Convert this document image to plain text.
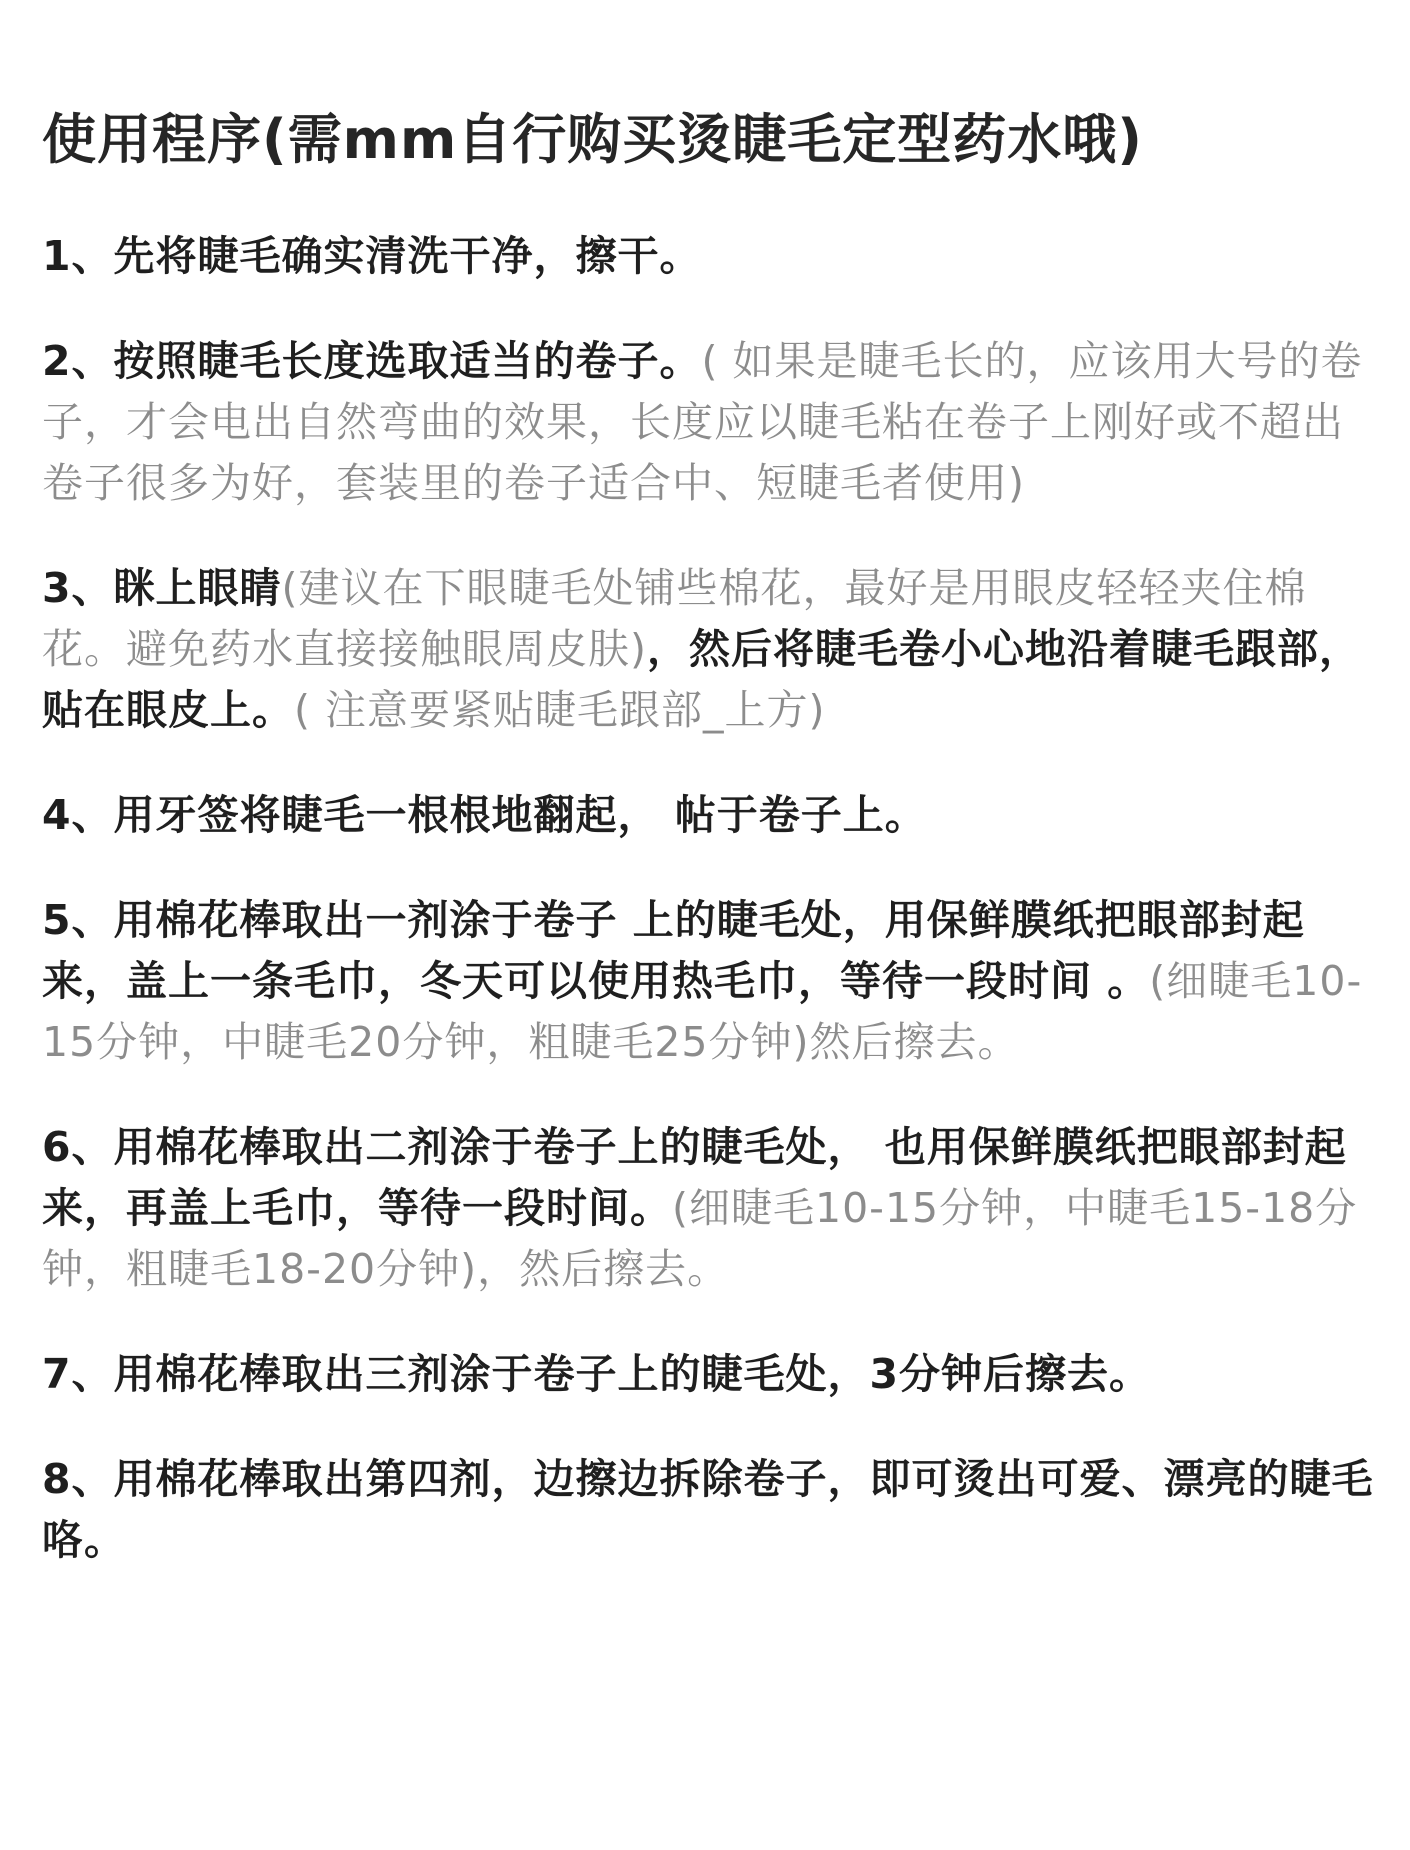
使用程序(需mm自行购买烫睫毛定型药水哦)

1、先将睫毛确实清洗干净，擦干。

2、按照睫毛长度选取适当的卷子。( 如果是睫毛长的，应该用大号的卷子，才会电出自然弯曲的效果，长度应以睫毛粘在卷子上刚好或不超出卷子很多为好，套装里的卷子适合中、短睫毛者使用)

3、眯上眼睛(建议在下眼睫毛处铺些棉花，最好是用眼皮轻轻夹住棉花。避免药水直接接触眼周皮肤)，然后将睫毛卷小心地沿着睫毛跟部，贴在眼皮上。( 注意要紧贴睫毛跟部_上方)

4、用牙签将睫毛一根根地翻起， 帖于卷子上。

5、用棉花棒取出一剂涂于卷子 上的睫毛处，用保鲜膜纸把眼部封起来，盖上一条毛巾，冬天可以使用热毛巾，等待一段时间 。(细睫毛10- 15分钟，中睫毛20分钟，粗睫毛25分钟)然后擦去。

6、用棉花棒取出二剂涂于卷子上的睫毛处， 也用保鲜膜纸把眼部封起来，再盖上毛巾，等待一段时间。(细睫毛10-15分钟，中睫毛15-18分钟，粗睫毛18-20分钟)，然后擦去。

7、用棉花棒取出三剂涂于卷子上的睫毛处，3分钟后擦去。

8、用棉花棒取出第四剂，边擦边拆除卷子，即可烫出可爱、漂亮的睫毛咯。
